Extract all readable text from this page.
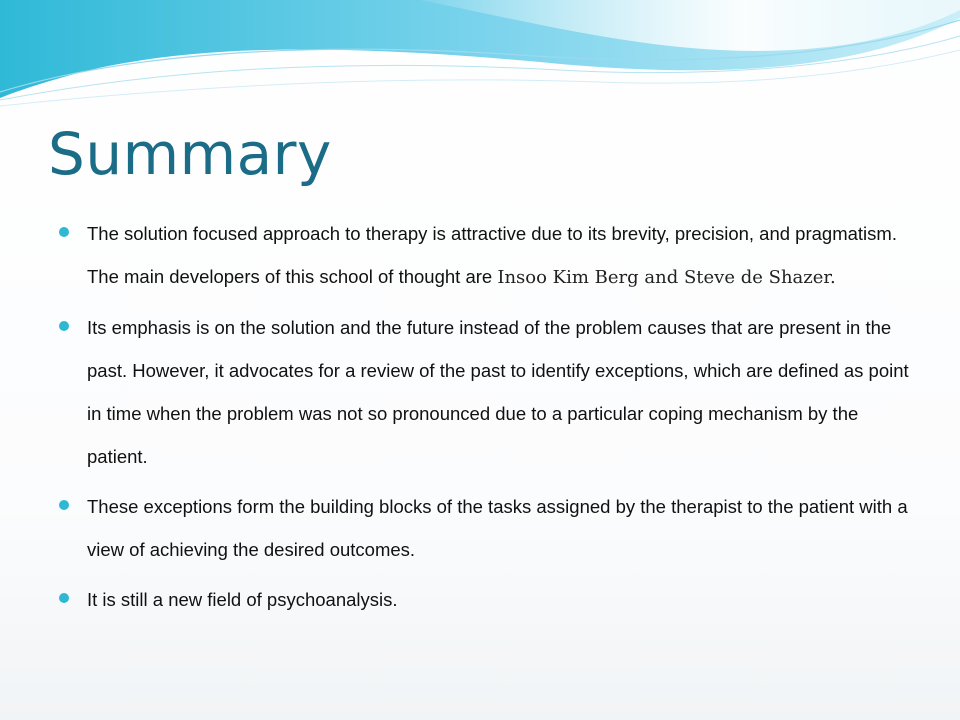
Summary
The solution focused approach to therapy is attractive due to its brevity, precision, and pragmatism. The main developers of this school of thought are Insoo Kim Berg and Steve de Shazer.
Its emphasis is on the solution and the future instead of the problem causes that are present in the past. However, it advocates for a review of the past to identify exceptions, which are defined as point in time when the problem was not so pronounced due to a particular coping mechanism by the patient.
These exceptions form the building blocks of the tasks assigned by the therapist to the patient with a view of achieving the desired outcomes.
It is still a new field of psychoanalysis.
